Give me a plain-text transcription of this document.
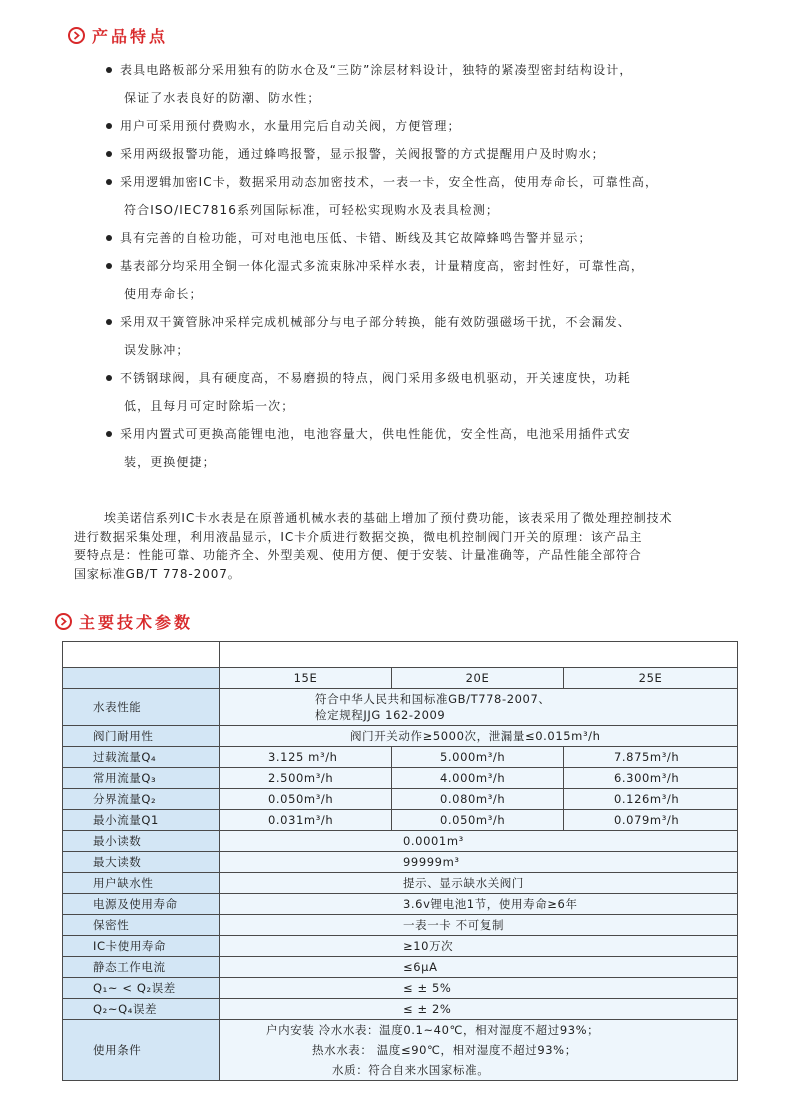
产品特点
表具电路板部分采用独有的防水仓及“三防”涂层材料设计，独特的紧凑型密封结构设计，
保证了水表良好的防潮、防水性；
用户可采用预付费购水，水量用完后自动关阀，方便管理；
采用两级报警功能，通过蜂鸣报警，显示报警，关阀报警的方式提醒用户及时购水；
采用逻辑加密IC卡，数据采用动态加密技术，一表一卡，安全性高，使用寿命长，可靠性高，
符合ISO/IEC7816系列国际标准，可轻松实现购水及表具检测；
具有完善的自检功能，可对电池电压低、卡错、断线及其它故障蜂鸣告警并显示；
基表部分均采用全铜一体化湿式多流束脉冲采样水表，计量精度高，密封性好，可靠性高，
使用寿命长；
采用双干簧管脉冲采样完成机械部分与电子部分转换，能有效防强磁场干扰，不会漏发、
误发脉冲；
不锈钢球阀，具有硬度高，不易磨损的特点，阀门采用多级电机驱动，开关速度快，功耗
低，且每月可定时除垢一次；
采用内置式可更换高能锂电池，电池容量大，供电性能优，安全性高，电池采用插件式安
装，更换便捷；
埃美诺信系列IC卡水表是在原普通机械水表的基础上增加了预付费功能，该表采用了微处理控制技术
进行数据采集处理，利用液晶显示，IC卡介质进行数据交换，微电机控制阀门开关的原理：该产品主
要特点是：性能可靠、功能齐全、外型美观、使用方便、便于安装、计量准确等，产品性能全部符合
国家标准GB/T 778-2007。
主要技术参数

	15E	20E	25E
水表性能	符合中华人民共和国标准GB/T778-2007、
检定规程JJG 162-2009		

阀门耐用性	阀门开关动作≥5000次，泄漏量≤0.015m³/h		
过载流量Q₄	3.125 m³/h	5.000m³/h	7.875m³/h
常用流量Q₃	2.500m³/h	4.000m³/h	6.300m³/h
分界流量Q₂	0.050m³/h	0.080m³/h	0.126m³/h
最小流量Q1	0.031m³/h	0.050m³/h	0.079m³/h
最小读数	0.0001m³		
最大读数	99999m³		
用户缺水性	提示、显示缺水关阀门		
电源及使用寿命	3.6v锂电池1节，使用寿命≥6年		
保密性	一表一卡 不可复制		
IC卡使用寿命	≥10万次		
静态工作电流	≤6μA		
Q₁~ < Q₂误差	≤ ± 5%		
Q₂~Q₄误差	≤ ± 2%		
使用条件	户内安装 冷水水表：温度0.1~40℃，相对湿度不超过93%；
热水水表： 温度≤90℃，相对湿度不超过93%；
水质：符合自来水国家标准。		
